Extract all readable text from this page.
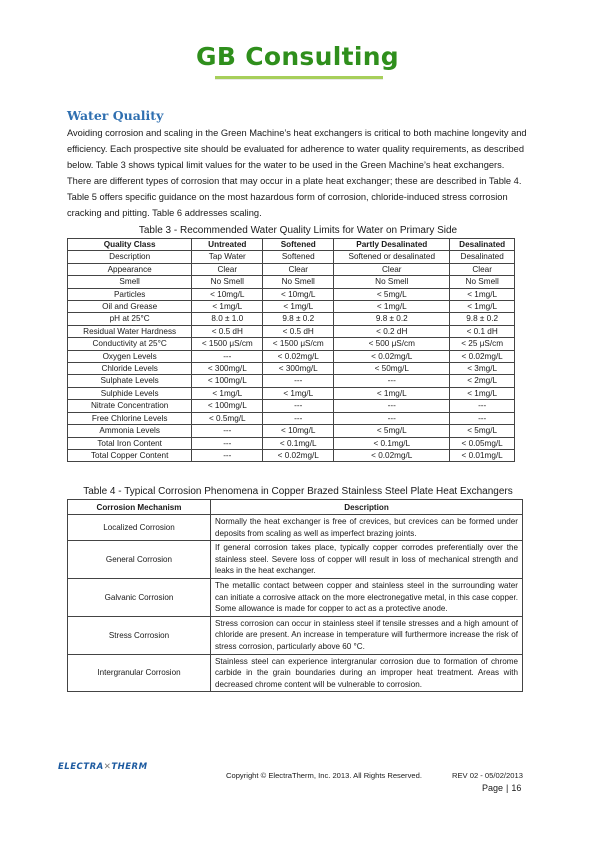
GB Consulting
Water Quality
Avoiding corrosion and scaling in the Green Machine’s heat exchangers is critical to both machine longevity and efficiency. Each prospective site should be evaluated for adherence to water quality requirements, as described below. Table 3 shows typical limit values for the water to be used in the Green Machine’s heat exchangers. There are different types of corrosion that may occur in a plate heat exchanger; these are described in Table 4. Table 5 offers specific guidance on the most hazardous form of corrosion, chloride-induced stress corrosion cracking and pitting. Table 6 addresses scaling.
Table 3 - Recommended Water Quality Limits for Water on Primary Side
Quality Class	Untreated	Softened	Partly Desalinated	Desalinated
Description	Tap Water	Softened	Softened or desalinated	Desalinated
Appearance	Clear	Clear	Clear	Clear
Smell	No Smell	No Smell	No Smell	No Smell
Particles	< 10mg/L	< 10mg/L	< 5mg/L	< 1mg/L
Oil and Grease	< 1mg/L	< 1mg/L	< 1mg/L	< 1mg/L
pH at 25°C	8.0 ± 1.0	9.8 ± 0.2	9.8 ± 0.2	9.8 ± 0.2
Residual Water Hardness	< 0.5 dH	< 0.5 dH	< 0.2 dH	< 0.1 dH
Conductivity at 25°C	< 1500 μS/cm	< 1500 μS/cm	< 500 μS/cm	< 25 μS/cm
Oxygen Levels	---	< 0.02mg/L	< 0.02mg/L	< 0.02mg/L
Chloride Levels	< 300mg/L	< 300mg/L	< 50mg/L	< 3mg/L
Sulphate Levels	< 100mg/L	---	---	< 2mg/L
Sulphide Levels	< 1mg/L	< 1mg/L	< 1mg/L	< 1mg/L
Nitrate Concentration	< 100mg/L	---	---	---
Free Chlorine Levels	< 0.5mg/L	---	---	---
Ammonia Levels	---	< 10mg/L	< 5mg/L	< 5mg/L
Total Iron Content	---	< 0.1mg/L	< 0.1mg/L	< 0.05mg/L
Total Copper Content	---	< 0.02mg/L	< 0.02mg/L	< 0.01mg/L
Table 4 - Typical Corrosion Phenomena in Copper Brazed Stainless Steel Plate Heat Exchangers
Corrosion Mechanism	Description
Localized Corrosion	Normally the heat exchanger is free of crevices, but crevices can be formed under deposits from scaling as well as imperfect brazing joints.
General Corrosion	If general corrosion takes place, typically copper corrodes preferentially over the stainless steel. Severe loss of copper will result in loss of mechanical strength and leaks in the heat exchanger.
Galvanic Corrosion	The metallic contact between copper and stainless steel in the surrounding water can initiate a corrosive attack on the more electronegative metal, in this case copper. Some allowance is made for copper to act as a protective anode.
Stress Corrosion	Stress corrosion can occur in stainless steel if tensile stresses and a high amount of chloride are present. An increase in temperature will furthermore increase the risk of stress corrosion, particularly above 60 °C.
Intergranular Corrosion	Stainless steel can experience intergranular corrosion due to formation of chrome carbide in the grain boundaries during an improper heat treatment. Areas with decreased chrome content will be vulnerable to corrosion.
ELECTRA✕THERM
Copyright © ElectraTherm, Inc. 2013. All Rights Reserved.	REV 02 - 05/02/2013
Page | 16
